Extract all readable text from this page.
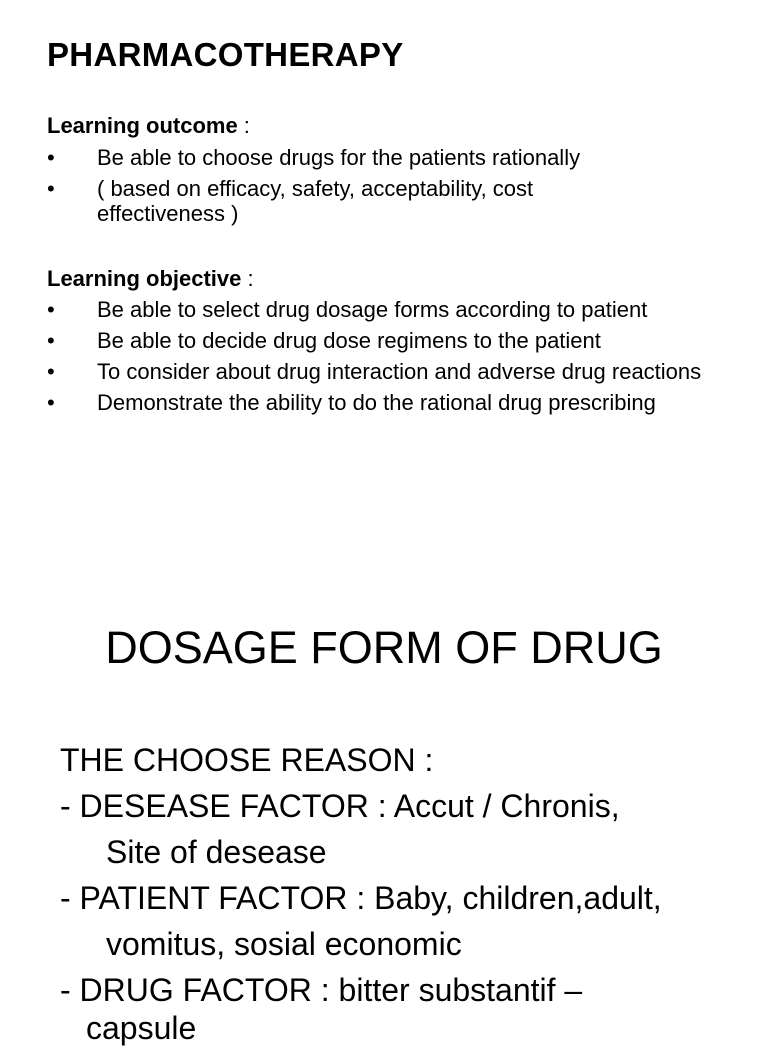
PHARMACOTHERAPY
Learning outcome :
•	Be able to choose drugs for the patients rationally
•	( based on efficacy, safety, acceptability, cost effectiveness )
Learning objective :
•	Be able to select drug dosage forms according to patient
•	Be able to decide drug dose regimens to the patient
•	To consider about drug interaction and adverse drug reactions
•	Demonstrate the ability to do the rational drug prescribing
DOSAGE FORM OF DRUG
THE CHOOSE REASON :
- DESEASE FACTOR : Accut / Chronis,
Site of desease
- PATIENT FACTOR : Baby, children,adult,
vomitus, sosial economic
- DRUG FACTOR : bitter substantif –
capsule
